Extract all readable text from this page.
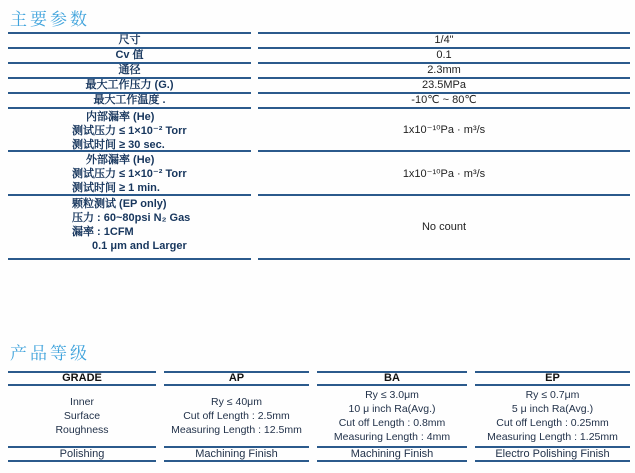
主要参数
尺寸
Cv 值
通径
最大工作压力 (G.)
最大工作温度 .
内部漏率 (He)
测试压力 ≤ 1×10⁻² Torr
测试时间 ≥ 30 sec.
外部漏率 (He)
测试压力 ≤ 1×10⁻² Torr
测试时间 ≥ 1 min.
颗粒测试 (EP only)
压力 : 60~80psi N₂ Gas
漏率 : 1CFM
0.1 μm and Larger
1/4"
0.1
2.3mm
23.5MPa
-10℃ ~ 80℃
1x10⁻¹⁰Pa · m³/s
1x10⁻¹⁰Pa · m³/s
No count
产品等级
GRADE
Inner
Surface
Roughness
Polishing
AP
Ry ≤ 40μm
Cut off Length : 2.5mm
Measuring Length : 12.5mm
Machining Finish
BA
Ry ≤ 3.0μm
10 μ inch Ra(Avg.)
Cut off Length : 0.8mm
Measuring Length : 4mm
Machining Finish
EP
Ry ≤ 0.7μm
5 μ inch Ra(Avg.)
Cut off Length : 0.25mm
Measuring Length : 1.25mm
Electro Polishing Finish
